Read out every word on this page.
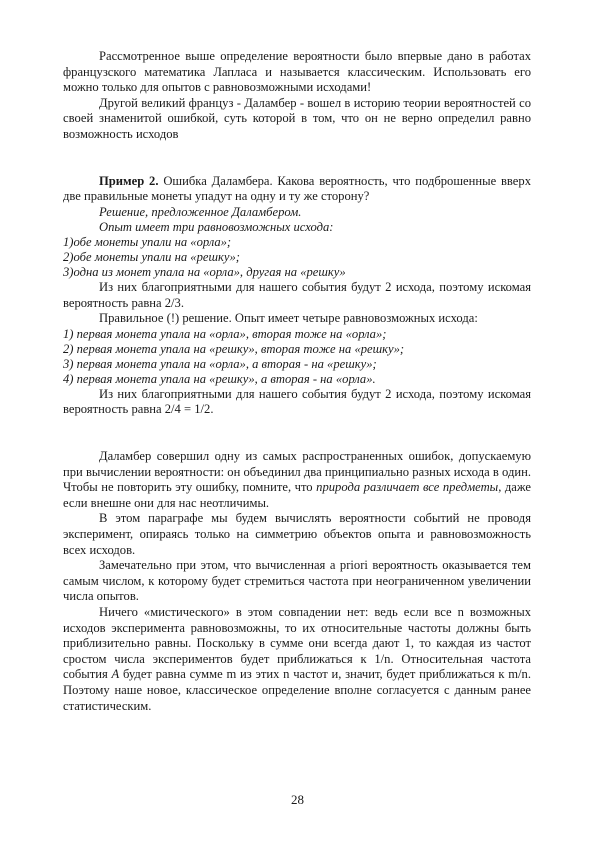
Рассмотренное выше определение вероятности было впервые дано в работах французского математика Лапласа и называется классическим. Использовать его можно только для опытов с равновозможными исходами!

Другой великий француз - Даламбер - вошел в историю теории вероятностей со своей знаменитой ошибкой, суть которой в том, что он не верно определил равно возможность исходов

Пример 2. Ошибка Даламбера. Какова вероятность, что подброшенные вверх две правильные монеты упадут на одну и ту же сторону?

Решение, предложенное Даламбером.

Опыт имеет три равновозможных исхода:

1)обе монеты упали на «орла»;

2)обе монеты упали на «решку»;

3)одна из монет упала на «орла», другая на «решку»

Из них благоприятными для нашего события будут 2 исхода, поэтому искомая вероятность равна 2/3.

Правильное (!) решение. Опыт имеет четыре равновозможных исхода:

1) первая монета упала на «орла», вторая тоже на «орла»;

2) первая монета упала на «решку», вторая тоже на «решку»;

3) первая монета упала на «орла», а вторая - на «решку»;

4) первая монета упала на «решку», а вторая - на «орла».

Из них благоприятными для нашего события будут 2 исхода, поэтому искомая вероятность равна 2/4 = 1/2.

Даламбер совершил одну из самых распространенных ошибок, допускаемую при вычислении вероятности: он объединил два принципиально разных исхода в один. Чтобы не повторить эту ошибку, помните, что природа различает все предметы, даже если внешне они для нас неотличимы.

В этом параграфе мы будем вычислять вероятности событий не проводя эксперимент, опираясь только на симметрию объектов опыта и равновозможность всех исходов.

Замечательно при этом, что вычисленная a priori вероятность оказывается тем самым числом, к которому будет стремиться частота при неограниченном увеличении числа опытов.

Ничего «мистического» в этом совпадении нет: ведь если все n возможных исходов эксперимента равновозможны, то их относительные частоты должны быть приблизительно равны. Поскольку в сумме они всегда дают 1, то каждая из частот сростом числа экспериментов будет приближаться к 1/n. Относительная частота события A будет равна сумме m из этих n частот и, значит, будет приближаться к m/n. Поэтому наше новое, классическое определение вполне согласуется с данным ранее статистическим.

28
